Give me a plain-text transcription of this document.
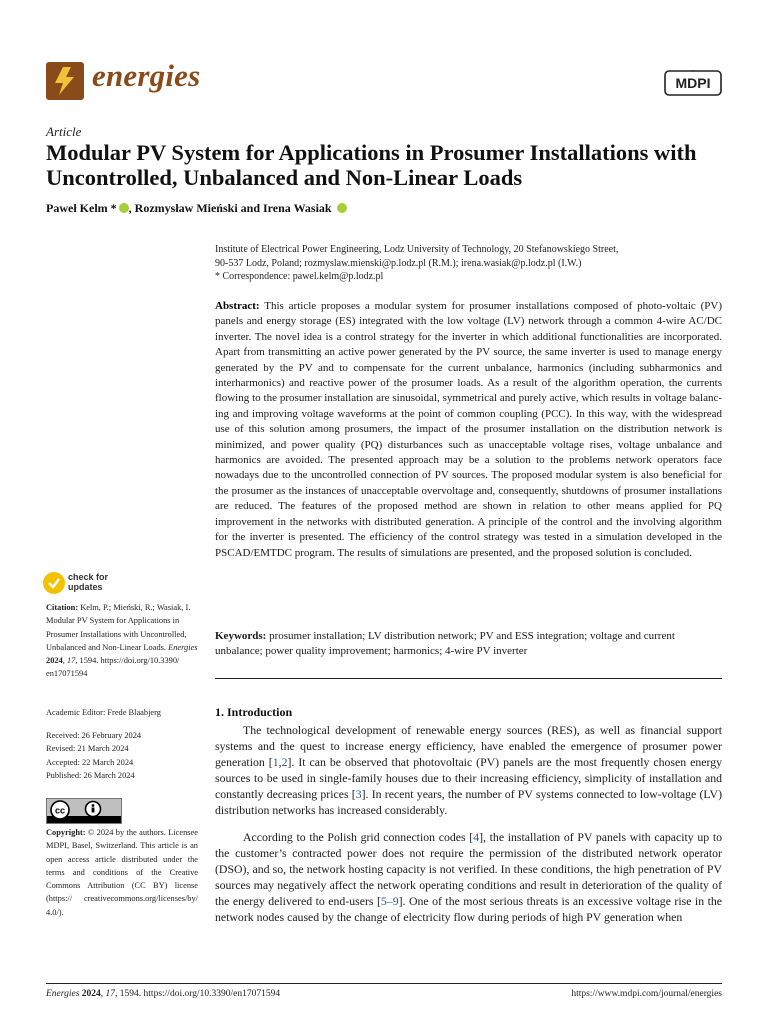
energies	MDPI
Article
Modular PV System for Applications in Prosumer Installations with Uncontrolled, Unbalanced and Non-Linear Loads
Paweł Kelm * , Rozmysław Mieński and Irena Wasiak
Institute of Electrical Power Engineering, Lodz University of Technology, 20 Stefanowskiego Street,
90-537 Lodz, Poland; rozmyslaw.mienski@p.lodz.pl (R.M.); irena.wasiak@p.lodz.pl (I.W.)
* Correspondence: pawel.kelm@p.lodz.pl
Abstract: This article proposes a modular system for prosumer installations composed of photo-voltaic (PV) panels and energy storage (ES) integrated with the low voltage (LV) network through a common 4-wire AC/DC inverter. The novel idea is a control strategy for the inverter in which additional functionalities are incorporated. Apart from transmitting an active power generated by the PV source, the same inverter is used to manage energy generated by the PV and to compensate for the current unbalance, harmonics (including subharmonics and interharmonics) and reactive power of the prosumer loads. As a result of the algorithm operation, the currents flowing to the prosumer installation are sinusoidal, symmetrical and purely active, which results in voltage balanc-ing and improving voltage waveforms at the point of common coupling (PCC). In this way, with the widespread use of this solution among prosumers, the impact of the prosumer installation on the distribution network is minimized, and power quality (PQ) disturbances such as unacceptable voltage rises, voltage unbalance and harmonics are avoided. The presented approach may be a solution to the problems network operators face nowadays due to the uncontrolled connection of PV sources. The proposed modular system is also beneficial for the prosumer as the instances of unacceptable overvoltage and, consequently, shutdowns of prosumer installations are reduced. The features of the proposed method are shown in relation to other means applied for PQ improvement in the networks with distributed generation. A principle of the control and the involving algorithm for the inverter is presented. The efficiency of the control strategy was tested in a simulation developed in the PSCAD/EMTDC program. The results of simulations are presented, and the proposed solution is concluded.
Keywords: prosumer installation; LV distribution network; PV and ESS integration; voltage and current unbalance; power quality improvement; harmonics; 4-wire PV inverter
check for
updates
Citation: Kelm, P.; Mieński, R.; Wasiak, I. Modular PV System for Applications in Prosumer Installations with Uncontrolled, Unbalanced and Non-Linear Loads. Energies 2024, 17, 1594. https://doi.org/10.3390/ en17071594
Academic Editor: Frede Blaabjerg
Received: 26 February 2024
Revised: 21 March 2024
Accepted: 22 March 2024
Published: 26 March 2024
cc
Copyright: © 2024 by the authors. Licensee MDPI, Basel, Switzerland. This article is an open access article distributed under the terms and conditions of the Creative Commons Attribution (CC BY) license (https:// creativecommons.org/licenses/by/ 4.0/).
1. Introduction
The technological development of renewable energy sources (RES), as well as financial support systems and the quest to increase energy efficiency, have enabled the emergence of prosumer power generation [1,2]. It can be observed that photovoltaic (PV) panels are the most frequently chosen energy sources to be used in single-family houses due to their increasing efficiency, simplicity of installation and constantly decreasing prices [3]. In recent years, the number of PV systems connected to low-voltage (LV) distribution networks has increased considerably.
According to the Polish grid connection codes [4], the installation of PV panels with capacity up to the customer’s contracted power does not require the permission of the distributed network operator (DSO), and so, the network hosting capacity is not verified. In these conditions, the high penetration of PV sources may negatively affect the network operating conditions and result in deterioration of the quality of the energy delivered to end-users [5–9]. One of the most serious threats is an excessive voltage rise in the network nodes caused by the change of electricity flow during periods of high PV generation when
Energies 2024, 17, 1594. https://doi.org/10.3390/en17071594	https://www.mdpi.com/journal/energies
